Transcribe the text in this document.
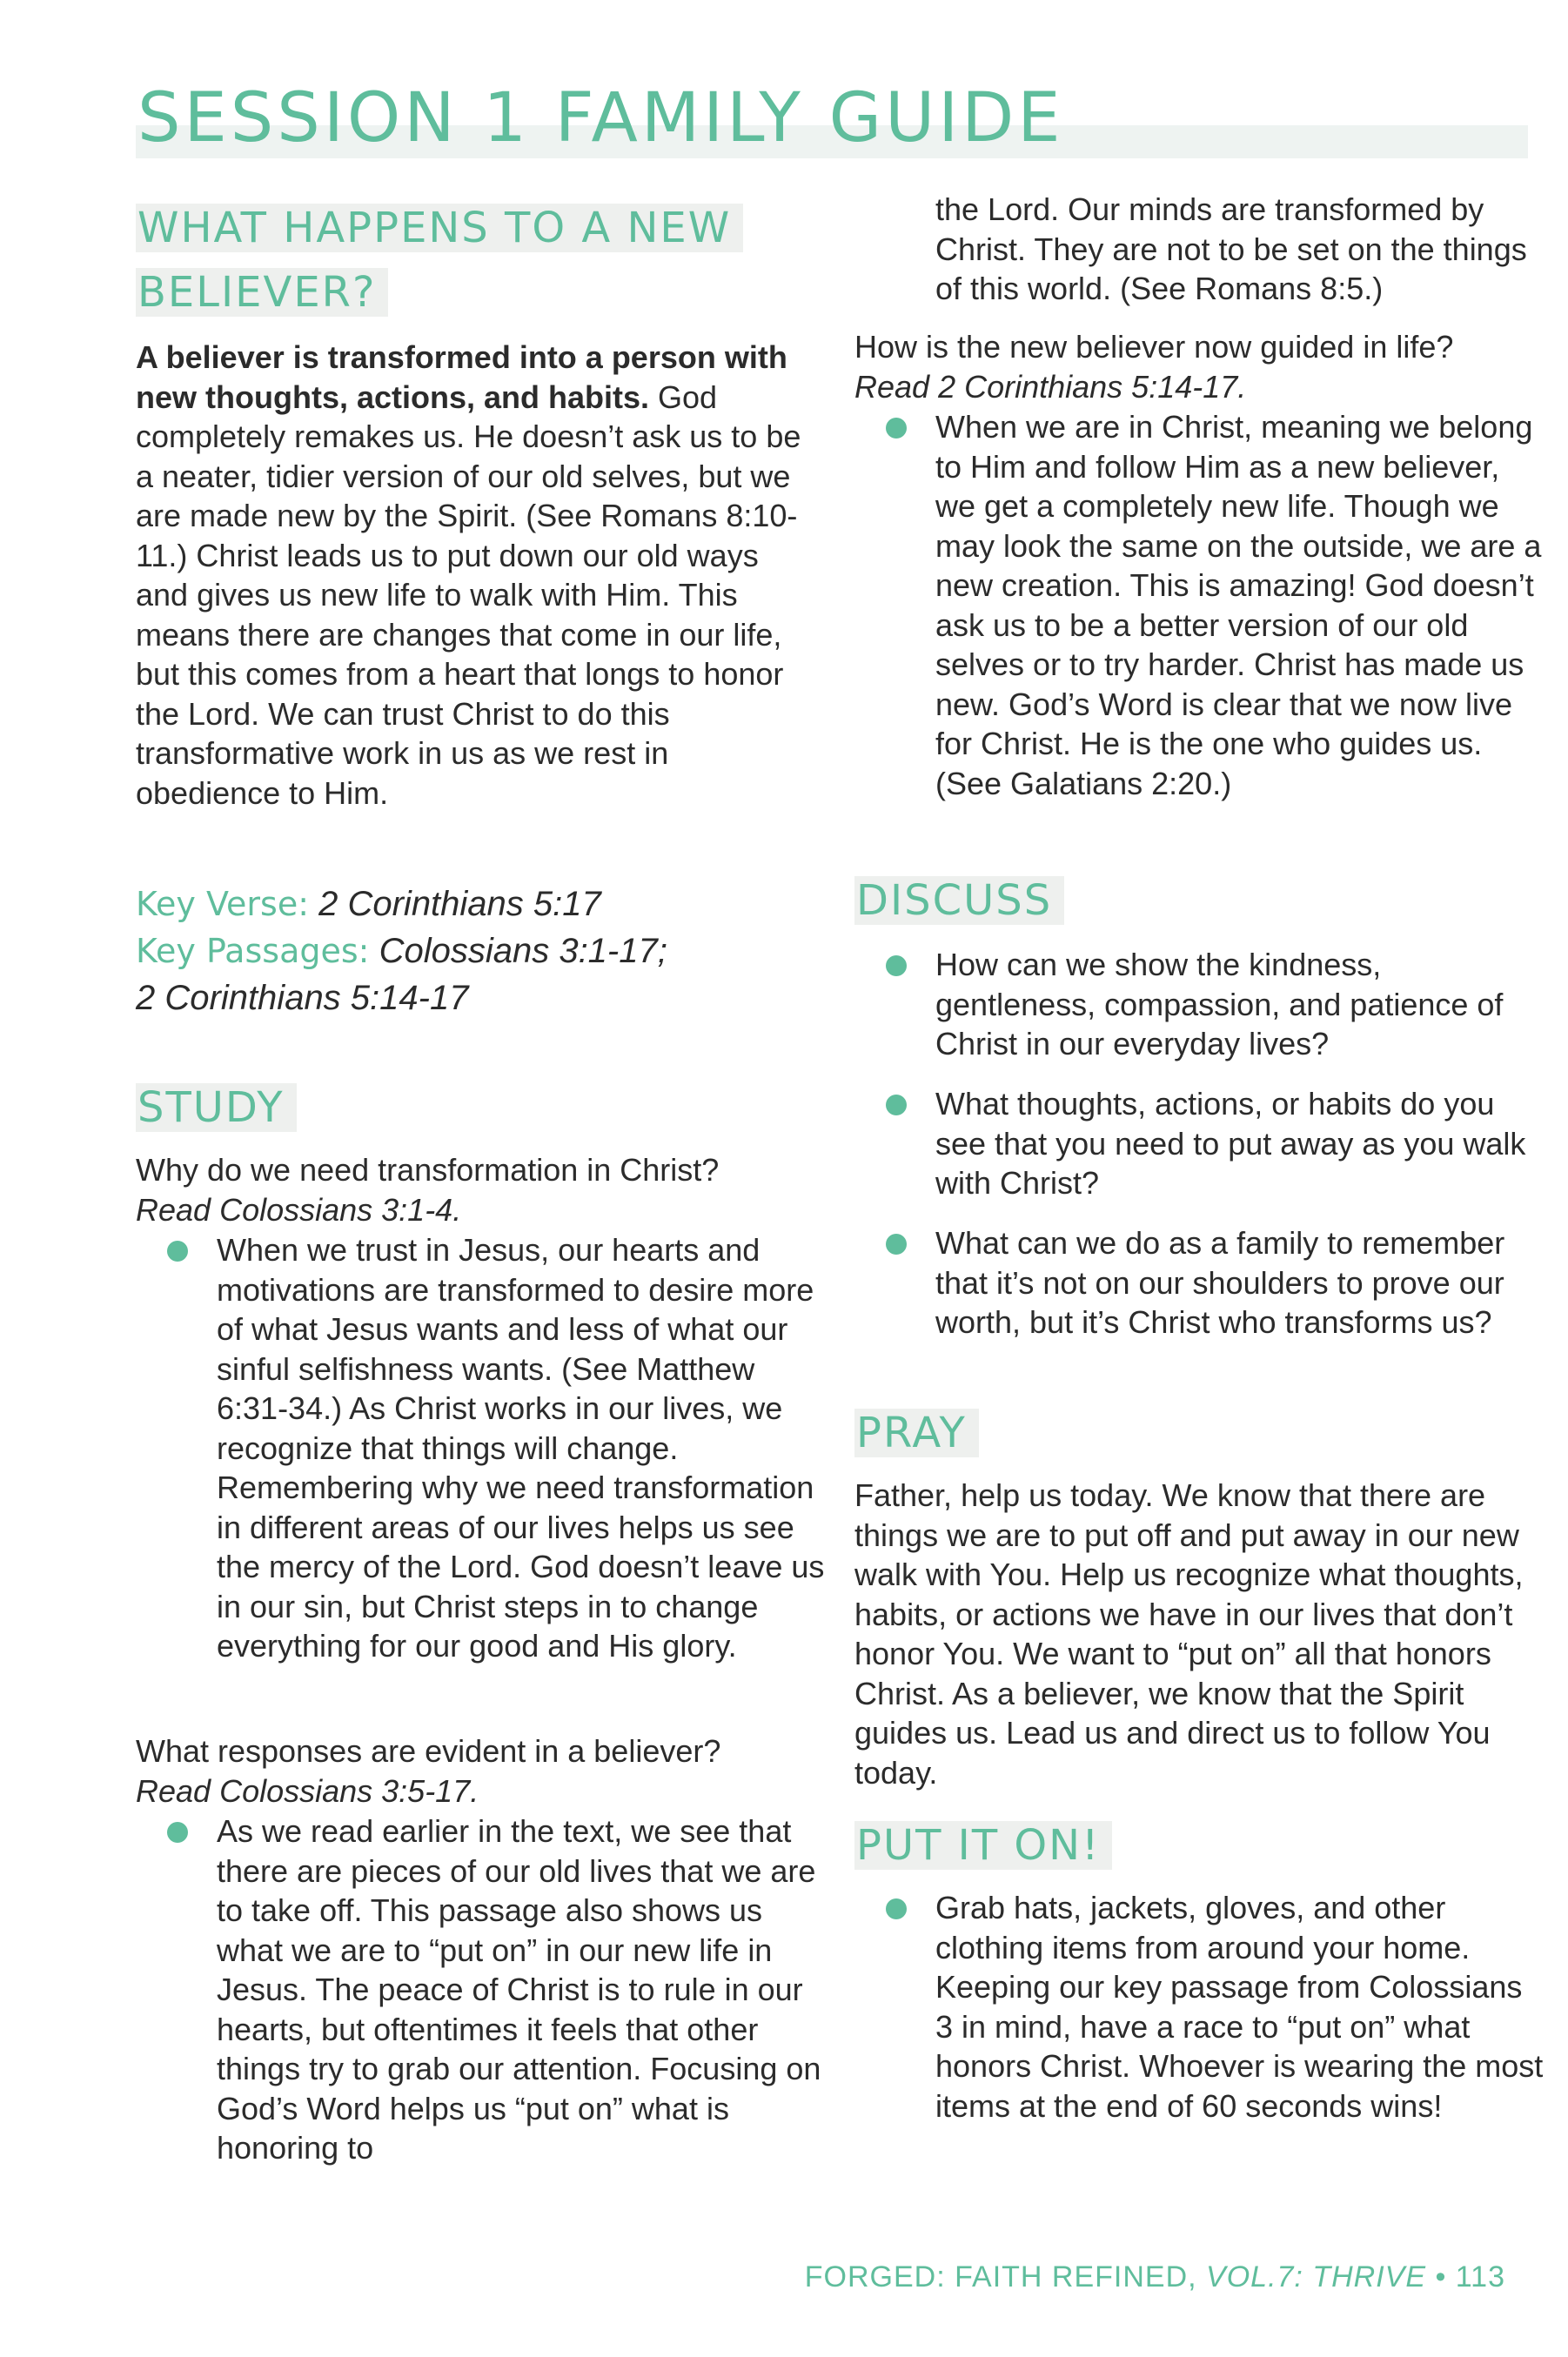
SESSION 1 FAMILY GUIDE
WHAT HAPPENS TO A NEW
BELIEVER?

A believer is transformed into a person with new thoughts, actions, and habits. God completely remakes us. He doesn’t ask us to be a neater, tidier version of our old selves, but we are made new by the Spirit. (See Romans 8:10-11.) Christ leads us to put down our old ways and gives us new life to walk with Him. This means there are changes that come in our life, but this comes from a heart that longs to honor the Lord. We can trust Christ to do this transformative work in us as we rest in obedience to Him.

Key Verse: 2 Corinthians 5:17

Key Passages: Colossians 3:1-17;

2 Corinthians 5:14-17

STUDY

Why do we need transformation in Christ?

Read Colossians 3:1-4.

When we trust in Jesus, our hearts and motivations are transformed to desire more of what Jesus wants and less of what our sinful selfishness wants. (See Matthew 6:31-34.) As Christ works in our lives, we recognize that things will change. Remembering why we need transformation in different areas of our lives helps us see the mercy of the Lord. God doesn’t leave us in our sin, but Christ steps in to change everything for our good and His glory.

What responses are evident in a believer?

Read Colossians 3:5-17.

As we read earlier in the text, we see that there are pieces of our old lives that we are to take off. This passage also shows us what we are to “put on” in our new life in Jesus. The peace of Christ is to rule in our hearts, but oftentimes it feels that other things try to grab our attention. Focusing on God’s Word helps us “put on” what is honoring to

the Lord. Our minds are transformed by Christ. They are not to be set on the things of this world. (See Romans 8:5.)

How is the new believer now guided in life?

Read 2 Corinthians 5:14-17.

When we are in Christ, meaning we belong to Him and follow Him as a new believer, we get a completely new life. Though we may look the same on the outside, we are a new creation. This is amazing! God doesn’t ask us to be a better version of our old selves or to try harder. Christ has made us new. God’s Word is clear that we now live for Christ. He is the one who guides us. (See Galatians 2:20.)

DISCUSS

How can we show the kindness, gentleness, compassion, and patience of Christ in our everyday lives?

What thoughts, actions, or habits do you see that you need to put away as you walk with Christ?

What can we do as a family to remember that it’s not on our shoulders to prove our worth, but it’s Christ who transforms us?

PRAY

Father, help us today. We know that there are things we are to put off and put away in our new walk with You. Help us recognize what thoughts, habits, or actions we have in our lives that don’t honor You. We want to “put on” all that honors Christ. As a believer, we know that the Spirit guides us. Lead us and direct us to follow You today.

PUT IT ON!

Grab hats, jackets, gloves, and other clothing items from around your home. Keeping our key passage from Colossians 3 in mind, have a race to “put on” what honors Christ. Whoever is wearing the most items at the end of 60 seconds wins!

FORGED: FAITH REFINED, VOL.7: THRIVE • 113
